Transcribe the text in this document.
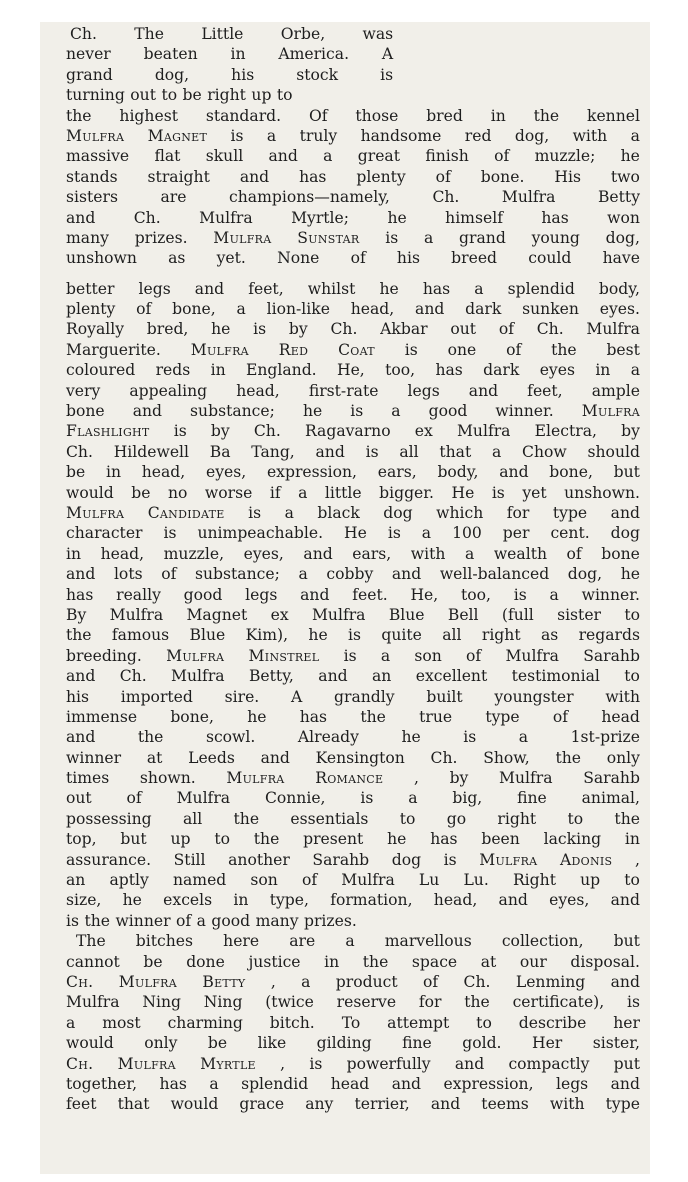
Ch. The Little Orbe, was
never beaten in America. A
grand	dog,	his	stock	is
turning out to be right up to
the highest standard. Of those bred in the kennel
Mulfra Magnet is a truly handsome red dog, with a
massive flat skull and a great finish of muzzle; he
stands straight and has plenty of bone. His two
sisters	are	champions—namely,	Ch.	Mulfra	Betty
and Ch. Mulfra Myrtle; he himself has won
many prizes. Mulfra Sunstar is a grand young dog,
unshown as yet. None of his breed could have
better legs and feet, whilst he has a splendid body,
plenty of bone, a lion-like head, and dark sunken eyes.
Royally bred, he is by Ch. Akbar out of Ch. Mulfra
Marguerite. Mulfra Red Coat is one of the best
coloured reds in England. He, too, has dark eyes in a
very appealing head, first-rate legs and feet, ample
bone and substance; he is a good winner. Mulfra
Flashlight is by Ch. Ragavarno ex Mulfra Electra, by
Ch. Hildewell Ba Tang, and is all that a Chow should
be in head, eyes, expression, ears, body, and bone, but
would be no worse if a little bigger. He is yet unshown.
Mulfra Candidate is a black dog which for type and
character is unimpeachable. He is a 100 per cent. dog
in head, muzzle, eyes, and ears, with a wealth of bone
and lots of substance; a cobby and well-balanced dog, he
has really good legs and feet. He, too, is a winner.
By Mulfra Magnet ex Mulfra Blue Bell (full sister to
the famous Blue Kim), he is quite all right as regards
breeding. Mulfra Minstrel is a son of Mulfra Sarahb
and Ch. Mulfra Betty, and an excellent testimonial to
his imported sire. A grandly built youngster with
immense bone, he has the true type of head
and	the	scowl.	Already	he	is	a	1st-prize
winner at Leeds and Kensington Ch. Show, the only
times shown. Mulfra Romance , by Mulfra Sarahb
out of Mulfra Connie, is a big, fine animal,
possessing all the essentials to go right to the
top, but up to the present he has been lacking in
assurance. Still another Sarahb dog is Mulfra Adonis ,
an aptly named son of Mulfra Lu Lu. Right up to
size, he excels in type, formation, head, and eyes, and
is the winner of a good many prizes.
The bitches here are a marvellous collection, but
cannot be done justice in the space at our disposal.
Ch. Mulfra Betty , a product of Ch. Lenming and
Mulfra Ning Ning (twice reserve for the certificate), is
a most charming bitch. To attempt to describe her
would only be like gilding fine gold. Her sister,
Ch. Mulfra Myrtle , is powerfully and compactly put
together, has a splendid head and expression, legs and
feet that would grace any terrier, and teems with type
